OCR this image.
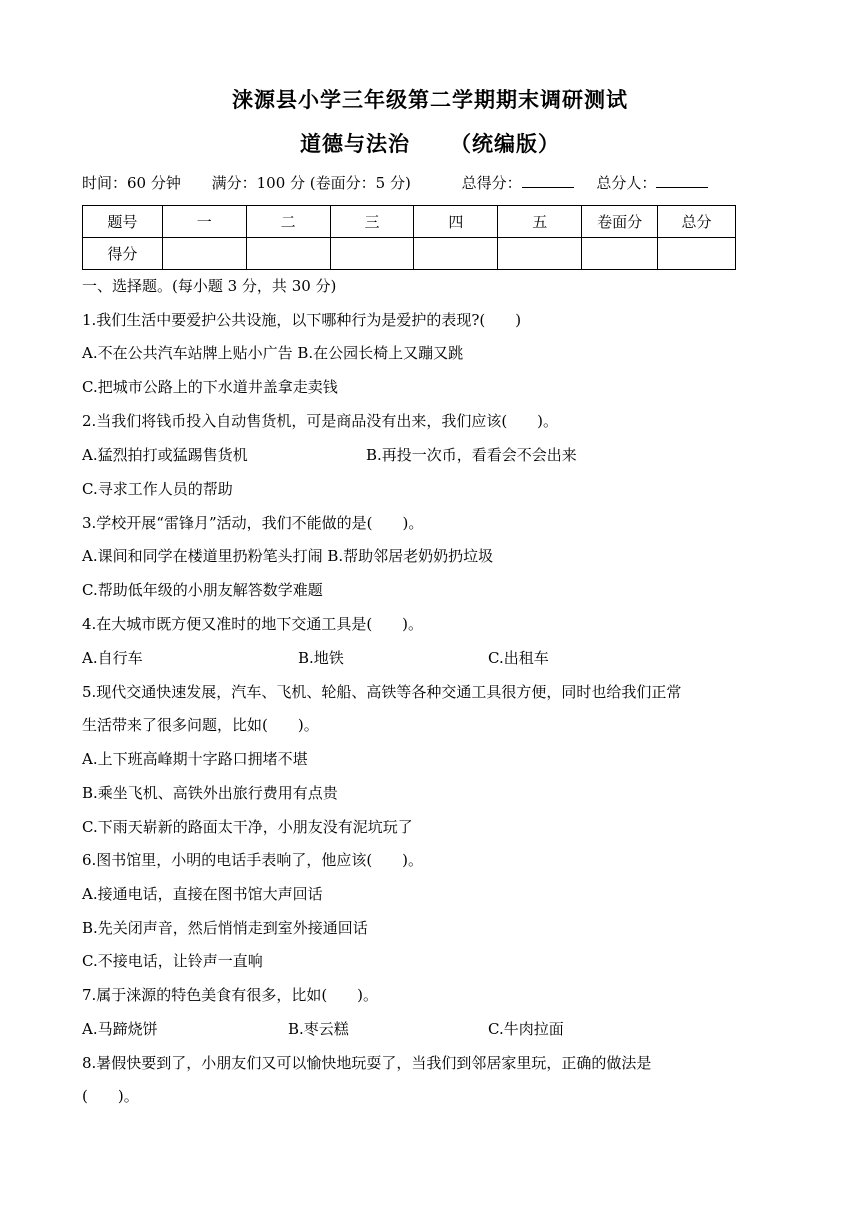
涞源县小学三年级第二学期期末调研测试
道德与法治 （统编版）
时间：60 分钟 满分：100 分 (卷面分：5 分)	总得分：	总分人：
题号	一	二	三	四	五	卷面分	总分
得分							
一、选择题。(每小题 3 分，共 30 分)
1.我们生活中要爱护公共设施，以下哪种行为是爱护的表现?(　　)
A.不在公共汽车站牌上贴小广告 B.在公园长椅上又蹦又跳
C.把城市公路上的下水道井盖拿走卖钱
2.当我们将钱币投入自动售货机，可是商品没有出来，我们应该(　　)。
A.猛烈拍打或猛踢售货机	B.再投一次币，看看会不会出来
C.寻求工作人员的帮助
3.学校开展“雷锋月”活动，我们不能做的是(　　)。
A.课间和同学在楼道里扔粉笔头打闹 B.帮助邻居老奶奶扔垃圾
C.帮助低年级的小朋友解答数学难题
4.在大城市既方便又准时的地下交通工具是(　　)。
A.自行车	B.地铁	C.出租车
5.现代交通快速发展，汽车、飞机、轮船、高铁等各种交通工具很方便，同时也给我们正常
生活带来了很多问题，比如(　　)。
A.上下班高峰期十字路口拥堵不堪
B.乘坐飞机、高铁外出旅行费用有点贵
C.下雨天崭新的路面太干净，小朋友没有泥坑玩了
6.图书馆里，小明的电话手表响了，他应该(　　)。
A.接通电话，直接在图书馆大声回话
B.先关闭声音，然后悄悄走到室外接通回话
C.不接电话，让铃声一直响
7.属于涞源的特色美食有很多，比如(　　)。
A.马蹄烧饼	B.枣云糕	C.牛肉拉面
8.暑假快要到了，小朋友们又可以愉快地玩耍了，当我们到邻居家里玩，正确的做法是
(　　)。
